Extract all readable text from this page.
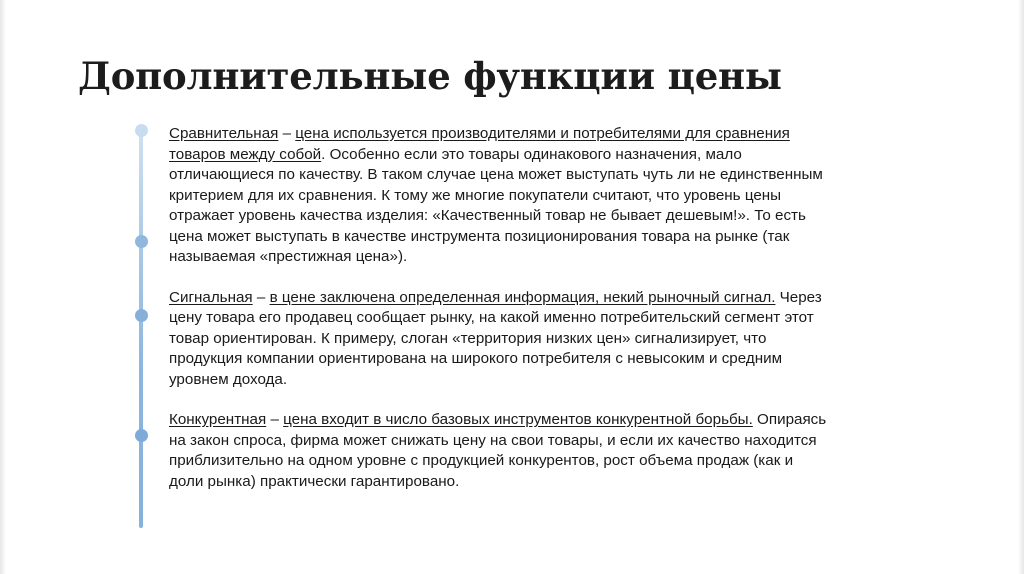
Дополнительные функции цены

Сравнительная – цена используется производителями и потребителями для сравнения товаров между собой. Особенно если это товары одинакового назначения, мало отличающиеся по качеству. В таком случае цена может выступать чуть ли не единственным критерием для их сравнения. К тому же многие покупатели считают, что уровень цены отражает уровень качества изделия: «Качественный товар не бывает дешевым!». То есть цена может выступать в качестве инструмента позиционирования товара на рынке (так называемая «престижная цена»).

Сигнальная – в цене заключена определенная информация, некий рыночный сигнал. Через цену товара его продавец сообщает рынку, на какой именно потребительский сегмент этот товар ориентирован. К примеру, слоган «территория низких цен» сигнализирует, что продукция компании ориентирована на широкого потребителя с невысоким и средним уровнем дохода.

Конкурентная – цена входит в число базовых инструментов конкурентной борьбы. Опираясь на закон спроса, фирма может снижать цену на свои товары, и если их качество находится приблизительно на одном уровне с продукцией конкурентов, рост объема продаж (как и доли рынка) практически гарантировано.
